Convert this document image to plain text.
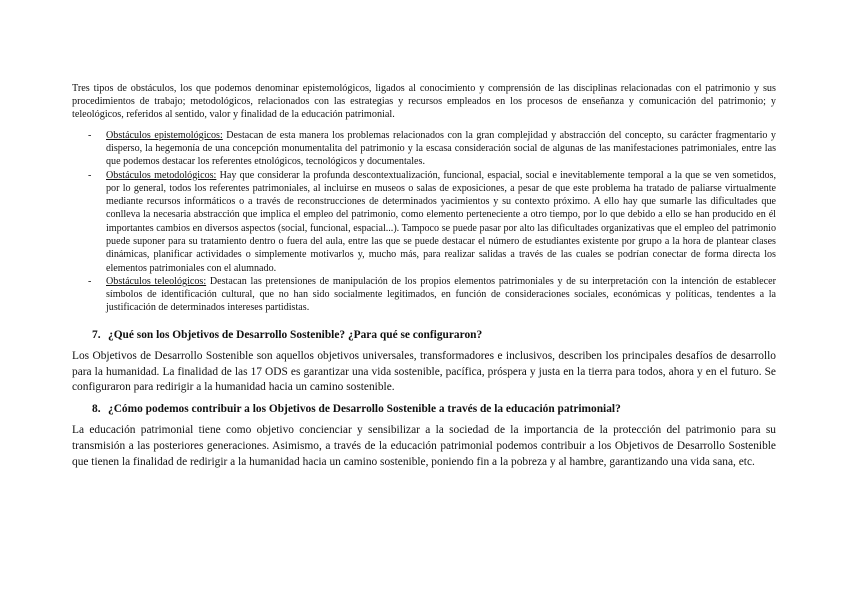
Tres tipos de obstáculos, los que podemos denominar epistemológicos, ligados al conocimiento y comprensión de las disciplinas relacionadas con el patrimonio y sus procedimientos de trabajo; metodológicos, relacionados con las estrategias y recursos empleados en los procesos de enseñanza y comunicación del patrimonio; y teleológicos, referidos al sentido, valor y finalidad de la educación patrimonial.

- Obstáculos epistemológicos: Destacan de esta manera los problemas relacionados con la gran complejidad y abstracción del concepto, su carácter fragmentario y disperso, la hegemonía de una concepción monumentalita del patrimonio y la escasa consideración social de algunas de las manifestaciones patrimoniales, entre las que podemos destacar los referentes etnológicos, tecnológicos y documentales.
- Obstáculos metodológicos: Hay que considerar la profunda descontextualización, funcional, espacial, social e inevitablemente temporal a la que se ven sometidos, por lo general, todos los referentes patrimoniales, al incluirse en museos o salas de exposiciones, a pesar de que este problema ha tratado de paliarse virtualmente mediante recursos informáticos o a través de reconstrucciones de determinados yacimientos y su contexto próximo. A ello hay que sumarle las dificultades que conlleva la necesaria abstracción que implica el empleo del patrimonio, como elemento perteneciente a otro tiempo, por lo que debido a ello se han producido en él importantes cambios en diversos aspectos (social, funcional, espacial...). Tampoco se puede pasar por alto las dificultades organizativas que el empleo del patrimonio puede suponer para su tratamiento dentro o fuera del aula, entre las que se puede destacar el número de estudiantes existente por grupo a la hora de plantear clases dinámicas, planificar actividades o simplemente motivarlos y, mucho más, para realizar salidas a través de las cuales se podrían conectar de forma directa los elementos patrimoniales con el alumnado.
- Obstáculos teleológicos: Destacan las pretensiones de manipulación de los propios elementos patrimoniales y de su interpretación con la intención de establecer símbolos de identificación cultural, que no han sido socialmente legitimados, en función de consideraciones sociales, económicas y políticas, tendentes a la justificación de determinados intereses partidistas.

7. ¿Qué son los Objetivos de Desarrollo Sostenible? ¿Para qué se configuraron?

Los Objetivos de Desarrollo Sostenible son aquellos objetivos universales, transformadores e inclusivos, describen los principales desafíos de desarrollo para la humanidad. La finalidad de las 17 ODS es garantizar una vida sostenible, pacífica, próspera y justa en la tierra para todos, ahora y en el futuro. Se configuraron para redirigir a la humanidad hacia un camino sostenible.

8. ¿Cómo podemos contribuir a los Objetivos de Desarrollo Sostenible a través de la educación patrimonial?

La educación patrimonial tiene como objetivo concienciar y sensibilizar a la sociedad de la importancia de la protección del patrimonio para su transmisión a las posteriores generaciones. Asimismo, a través de la educación patrimonial podemos contribuir a los Objetivos de Desarrollo Sostenible que tienen la finalidad de redirigir a la humanidad hacia un camino sostenible, poniendo fin a la pobreza y al hambre, garantizando una vida sana, etc.
